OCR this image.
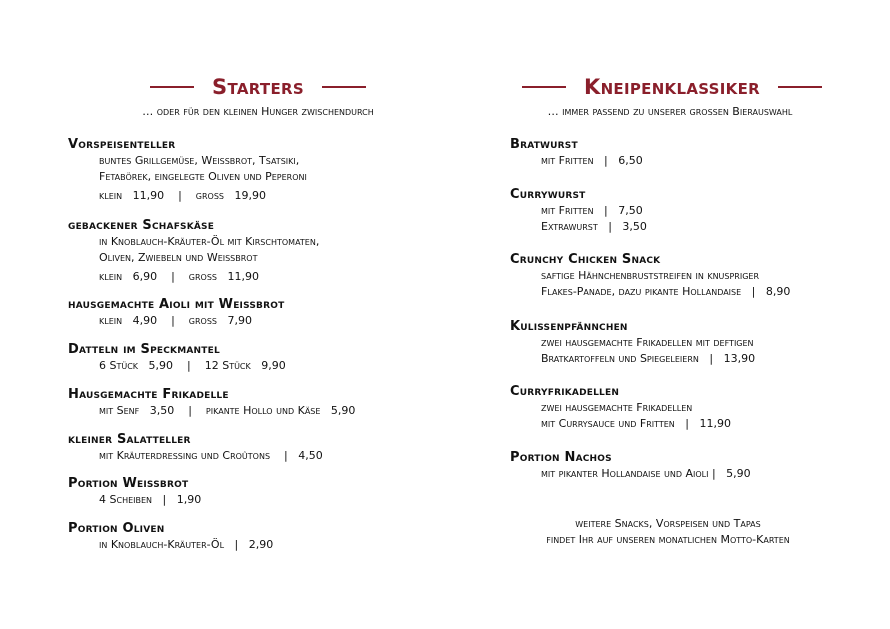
Starters
… oder für den kleinen Hunger zwischendurch
Vorspeisenteller
buntes Grillgemüse, Weissbrot, Tsatsiki,
Fetabörek, eingelegte Oliven und Peperoni
klein   11,90    |    gross   19,90
gebackener Schafskäse
in Knoblauch-Kräuter-Öl mit Kirschtomaten,
Oliven, Zwiebeln und Weissbrot
klein   6,90    |    gross   11,90
hausgemachte Aioli mit Weissbrot
klein   4,90    |    gross   7,90
Datteln im Speckmantel
6 Stück   5,90    |    12 Stück   9,90
Hausgemachte Frikadelle
mit Senf   3,50    |    pikante Hollo und Käse   5,90
kleiner Salatteller
mit Kräuterdressing und Croûtons    |   4,50
Portion Weissbrot
4 Scheiben   |   1,90
Portion Oliven
in Knoblauch-Kräuter-Öl   |   2,90
Kneipenklassiker
… immer passend zu unserer grossen Bierauswahl
Bratwurst
mit Fritten   |   6,50
Currywurst
mit Fritten   |   7,50
Extrawurst   |   3,50
Crunchy Chicken Snack
saftige Hähnchenbruststreifen in knuspriger
Flakes-Panade, dazu pikante Hollandaise   |   8,90
Kulissenpfännchen
zwei hausgemachte Frikadellen mit deftigen
Bratkartoffeln und Spiegeleiern   |   13,90
Curryfrikadellen
zwei hausgemachte Frikadellen
mit Currysauce und Fritten   |   11,90
Portion Nachos
mit pikanter Hollandaise und Aioli |   5,90
weitere Snacks, Vorspeisen und Tapas
findet Ihr auf unseren monatlichen Motto-Karten
